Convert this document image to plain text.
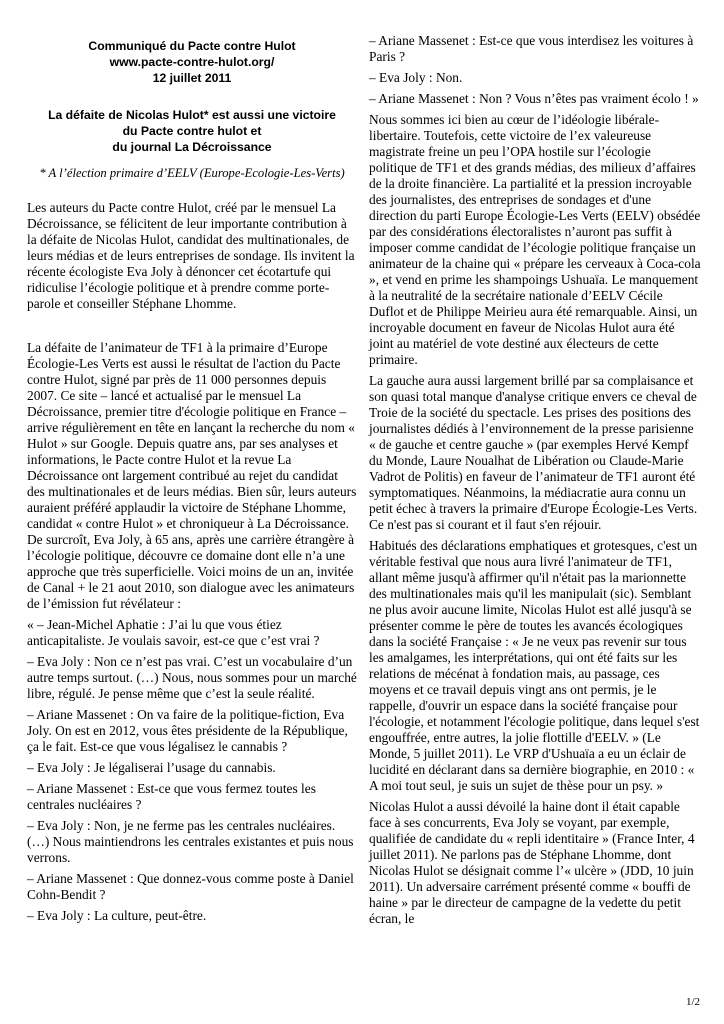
Communiqué du Pacte contre Hulot
www.pacte-contre-hulot.org/
12 juillet 2011
La défaite de Nicolas Hulot* est aussi une victoire
du Pacte contre hulot et
du journal La Décroissance
* A l’élection primaire d’EELV (Europe-Ecologie-Les-Verts)

Les auteurs du Pacte contre Hulot, créé par le mensuel La Décroissance, se félicitent de leur importante contribution à la défaite de Nicolas Hulot, candidat des multinationales, de leurs médias et de leurs entreprises de sondage. Ils invitent la récente écologiste Eva Joly à dénoncer cet écotartufe qui ridiculise l’écologie politique et à prendre comme porte-parole et conseiller Stéphane Lhomme.

La défaite de l’animateur de TF1 à la primaire d’Europe Écologie-Les Verts est aussi le résultat de l'action du Pacte contre Hulot, signé par près de 11 000 personnes depuis 2007. Ce site – lancé et actualisé par le mensuel La Décroissance, premier titre d'écologie politique en France – arrive régulièrement en tête en lançant la recherche du nom « Hulot » sur Google. Depuis quatre ans, par ses analyses et informations, le Pacte contre Hulot et la revue La Décroissance ont largement contribué au rejet du candidat des multinationales et de leurs médias. Bien sûr, leurs auteurs auraient préféré applaudir la victoire de Stéphane Lhomme, candidat « contre Hulot » et chroniqueur à La Décroissance. De surcroît, Eva Joly, à 65 ans, après une carrière étrangère à l’écologie politique, découvre ce domaine dont elle n’a une approche que très superficielle. Voici moins de un an, invitée de Canal + le 21 aout 2010, son dialogue avec les animateurs de l’émission fut révélateur :

« – Jean-Michel Aphatie : J’ai lu que vous étiez anticapitaliste. Je voulais savoir, est-ce que c’est vrai ?

– Eva Joly : Non ce n’est pas vrai. C’est un vocabulaire d’un autre temps surtout. (…) Nous, nous sommes pour un marché libre, régulé. Je pense même que c’est la seule réalité.

– Ariane Massenet : On va faire de la politique-fiction, Eva Joly. On est en 2012, vous êtes présidente de la République, ça le fait. Est-ce que vous légalisez le cannabis ?

– Eva Joly : Je légaliserai l’usage du cannabis.

– Ariane Massenet : Est-ce que vous fermez toutes les centrales nucléaires ?

– Eva Joly : Non, je ne ferme pas les centrales nucléaires. (…) Nous maintiendrons les centrales existantes et puis nous verrons.

– Ariane Massenet : Que donnez-vous comme poste à Daniel Cohn-Bendit ?

– Eva Joly : La culture, peut-être.

– Ariane Massenet : Est-ce que vous interdisez les voitures à Paris ?

– Eva Joly : Non.

– Ariane Massenet : Non ? Vous n’êtes pas vraiment écolo ! »

Nous sommes ici bien au cœur de l’idéologie libérale-libertaire. Toutefois, cette victoire de l’ex valeureuse magistrate freine un peu l’OPA hostile sur l’écologie politique de TF1 et des grands médias, des milieux d’affaires de la droite financière. La partialité et la pression incroyable des journalistes, des entreprises de sondages et d'une direction du parti Europe Écologie-Les Verts (EELV) obsédée par des considérations électoralistes n’auront pas suffit à imposer comme candidat de l’écologie politique française un animateur de la chaine qui « prépare les cerveaux à Coca-cola », et vend en prime les shampoings Ushuaïa. Le manquement à la neutralité de la secrétaire nationale d’EELV Cécile Duflot et de Philippe Meirieu aura été remarquable. Ainsi, un incroyable document en faveur de Nicolas Hulot aura été joint au matériel de vote destiné aux électeurs de cette primaire.

La gauche aura aussi largement brillé par sa complaisance et son quasi total manque d'analyse critique envers ce cheval de Troie de la société du spectacle. Les prises des positions des journalistes dédiés à l’environnement de la presse parisienne « de gauche et centre gauche » (par exemples Hervé Kempf du Monde, Laure Noualhat de Libération ou Claude-Marie Vadrot de Politis) en faveur de l’animateur de TF1 auront été symptomatiques. Néanmoins, la médiacratie aura connu un petit échec à travers la primaire d'Europe Écologie-Les Verts. Ce n'est pas si courant et il faut s'en réjouir.

Habitués des déclarations emphatiques et grotesques, c'est un véritable festival que nous aura livré l'animateur de TF1, allant même jusqu'à affirmer qu'il n'était pas la marionnette des multinationales mais qu'il les manipulait (sic). Semblant ne plus avoir aucune limite, Nicolas Hulot est allé jusqu'à se présenter comme le père de toutes les avancés écologiques dans la société Française : « Je ne veux pas revenir sur tous les amalgames, les interprétations, qui ont été faits sur les relations de mécénat à fondation mais, au passage, ces moyens et ce travail depuis vingt ans ont permis, je le rappelle, d'ouvrir un espace dans la société française pour l'écologie, et notamment l'écologie politique, dans lequel s'est engouffrée, entre autres, la jolie flottille d'EELV. » (Le Monde, 5 juillet 2011). Le VRP d'Ushuaïa a eu un éclair de lucidité en déclarant dans sa dernière biographie, en 2010 : « A moi tout seul, je suis un sujet de thèse pour un psy. »

Nicolas Hulot a aussi dévoilé la haine dont il était capable face à ses concurrents, Eva Joly se voyant, par exemple, qualifiée de candidate du « repli identitaire » (France Inter, 4 juillet 2011). Ne parlons pas de Stéphane Lhomme, dont Nicolas Hulot se désignait comme l’« ulcère » (JDD, 10 juin 2011). Un adversaire carrément présenté comme « bouffi de haine » par le directeur de campagne de la vedette du petit écran, le

1/2
